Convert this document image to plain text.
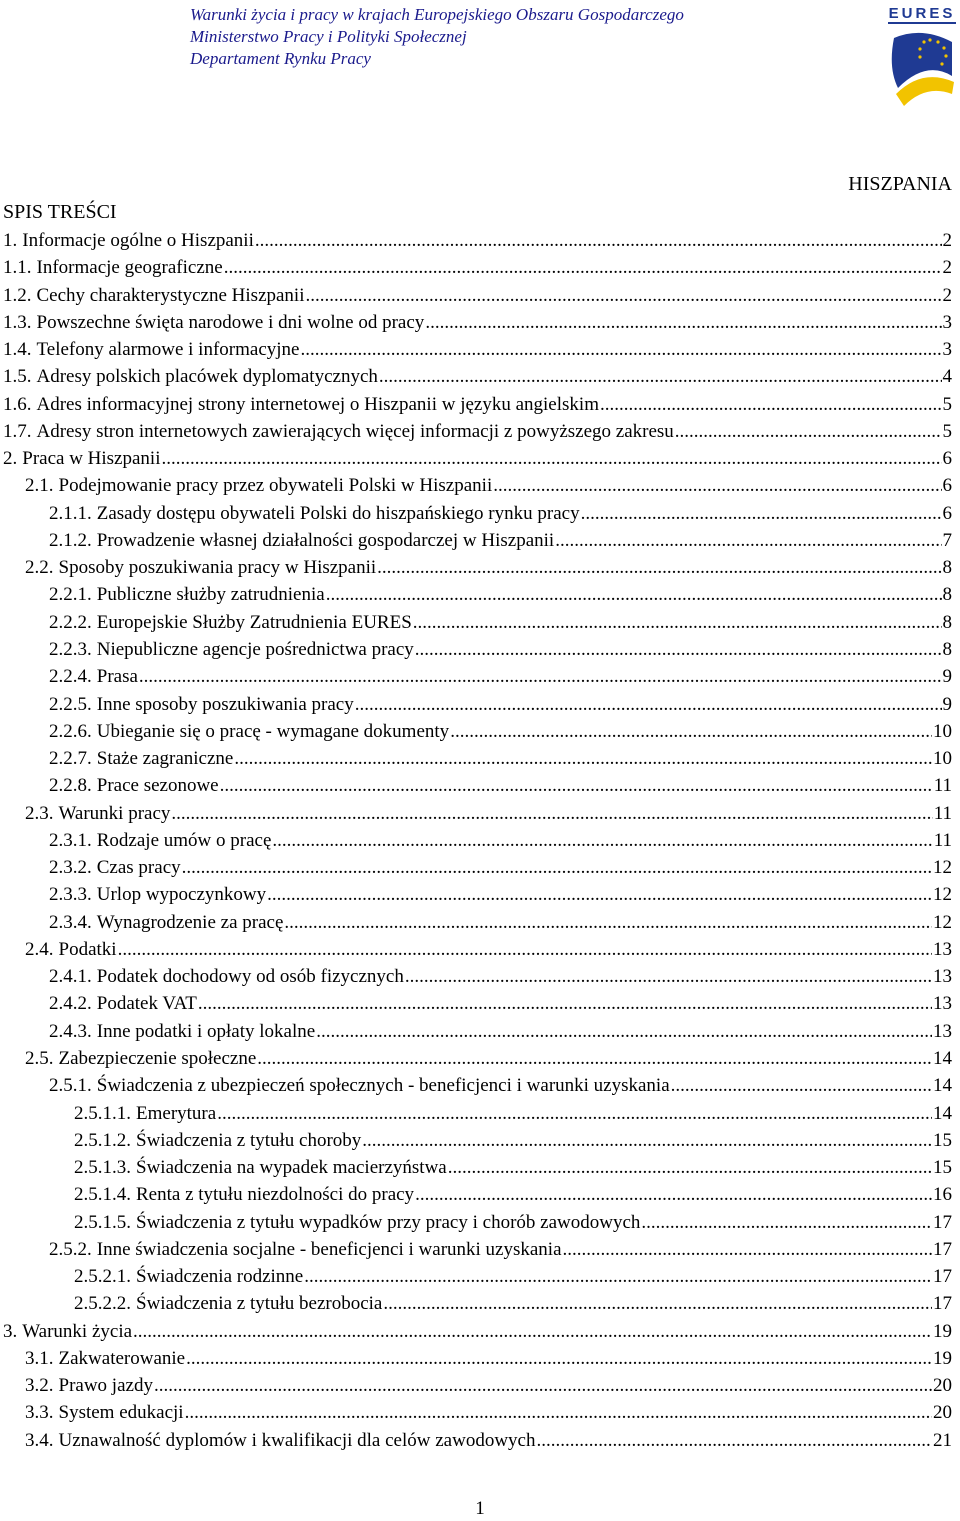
Warunki życia i pracy w krajach Europejskiego Obszaru Gospodarczego
Ministerstwo Pracy i Polityki Społecznej
Departament Rynku Pracy
EURES
HISZPANIA
SPIS TREŚCI
1. Informacje ogólne o Hiszpanii .....	2
1.1. Informacje geograficzne .....	2
1.2. Cechy charakterystyczne Hiszpanii .....	2
1.3. Powszechne święta narodowe i dni wolne od pracy .....	3
1.4. Telefony alarmowe i informacyjne .....	3
1.5. Adresy polskich placówek dyplomatycznych .....	4
1.6. Adres informacyjnej strony internetowej o Hiszpanii w języku angielskim .....	5
1.7. Adresy stron internetowych zawierających więcej informacji z powyższego zakresu .....	5
2. Praca w Hiszpanii .....	6
2.1. Podejmowanie pracy przez obywateli Polski w Hiszpanii .....	6
2.1.1. Zasady dostępu obywateli Polski do hiszpańskiego rynku pracy .....	6
2.1.2. Prowadzenie własnej działalności gospodarczej w Hiszpanii .....	7
2.2. Sposoby poszukiwania pracy w Hiszpanii .....	8
2.2.1. Publiczne służby zatrudnienia .....	8
2.2.2. Europejskie Służby Zatrudnienia EURES .....	8
2.2.3. Niepubliczne agencje pośrednictwa pracy .....	8
2.2.4. Prasa .....	9
2.2.5. Inne sposoby poszukiwania pracy .....	9
2.2.6. Ubieganie się o pracę - wymagane dokumenty .....	10
2.2.7. Staże zagraniczne .....	10
2.2.8. Prace sezonowe .....	11
2.3. Warunki pracy .....	11
2.3.1. Rodzaje umów o pracę .....	11
2.3.2. Czas pracy .....	12
2.3.3. Urlop wypoczynkowy .....	12
2.3.4. Wynagrodzenie za pracę .....	12
2.4. Podatki .....	13
2.4.1. Podatek dochodowy od osób fizycznych .....	13
2.4.2. Podatek VAT .....	13
2.4.3. Inne podatki i opłaty lokalne .....	13
2.5. Zabezpieczenie społeczne .....	14
2.5.1. Świadczenia z ubezpieczeń społecznych - beneficjenci i warunki uzyskania .....	14
2.5.1.1. Emerytura .....	14
2.5.1.2. Świadczenia z tytułu choroby .....	15
2.5.1.3. Świadczenia na wypadek macierzyństwa .....	15
2.5.1.4. Renta z tytułu niezdolności do pracy .....	16
2.5.1.5. Świadczenia z tytułu wypadków przy pracy i chorób zawodowych .....	17
2.5.2. Inne świadczenia socjalne - beneficjenci i warunki uzyskania .....	17
2.5.2.1. Świadczenia rodzinne .....	17
2.5.2.2. Świadczenia z tytułu bezrobocia .....	17
3. Warunki życia .....	19
3.1. Zakwaterowanie .....	19
3.2. Prawo jazdy .....	20
3.3. System edukacji .....	20
3.4. Uznawalność dyplomów i kwalifikacji dla celów zawodowych .....	21
1
